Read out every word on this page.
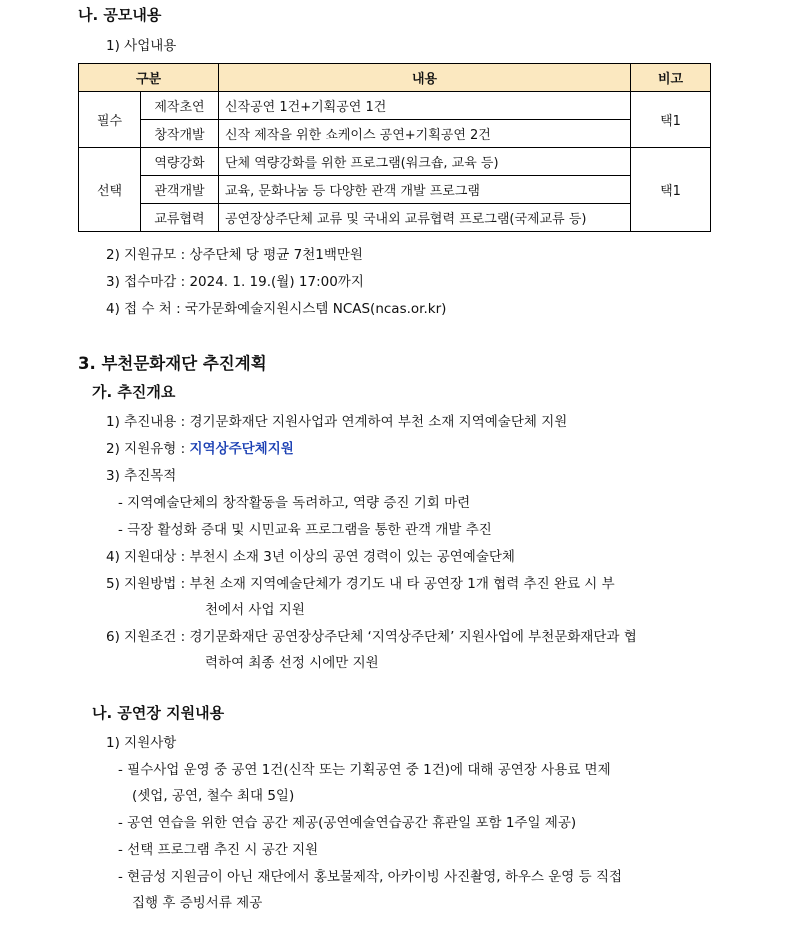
나. 공모내용
1) 사업내용
구분		내용	비고
필수	제작초연	신작공연 1건+기획공연 1건	택1
	창작개발	신작 제작을 위한 쇼케이스 공연+기획공연 2건	
선택	역량강화	단체 역량강화를 위한 프로그램(워크숍, 교육 등)	택1
	관객개발	교육, 문화나눔 등 다양한 관객 개발 프로그램	
	교류협력	공연장상주단체 교류 및 국내외 교류협력 프로그램(국제교류 등)	
2) 지원규모 : 상주단체 당 평균 7천1백만원
3) 접수마감 : 2024. 1. 19.(월) 17:00까지
4) 접 수 처 : 국가문화예술지원시스템 NCAS(ncas.or.kr)
3. 부천문화재단 추진계획
가. 추진개요
1) 추진내용 : 경기문화재단 지원사업과 연계하여 부천 소재 지역예술단체 지원
2) 지원유형 : 지역상주단체지원
3) 추진목적
- 지역예술단체의 창작활동을 독려하고, 역량 증진 기회 마련
- 극장 활성화 증대 및 시민교육 프로그램을 통한 관객 개발 추진
4) 지원대상 : 부천시 소재 3년 이상의 공연 경력이 있는 공연예술단체
5) 지원방법 : 부천 소재 지역예술단체가 경기도 내 타 공연장 1개 협력 추진 완료 시 부
천에서 사업 지원
6) 지원조건 : 경기문화재단 공연장상주단체 ‘지역상주단체’ 지원사업에 부천문화재단과 협
력하여 최종 선정 시에만 지원
나. 공연장 지원내용
1) 지원사항
- 필수사업 운영 중 공연 1건(신작 또는 기획공연 중 1건)에 대해 공연장 사용료 면제
(셋업, 공연, 철수 최대 5일)
- 공연 연습을 위한 연습 공간 제공(공연예술연습공간 휴관일 포함 1주일 제공)
- 선택 프로그램 추진 시 공간 지원
- 현금성 지원금이 아닌 재단에서 홍보물제작, 아카이빙 사진촬영, 하우스 운영 등 직접
집행 후 증빙서류 제공
